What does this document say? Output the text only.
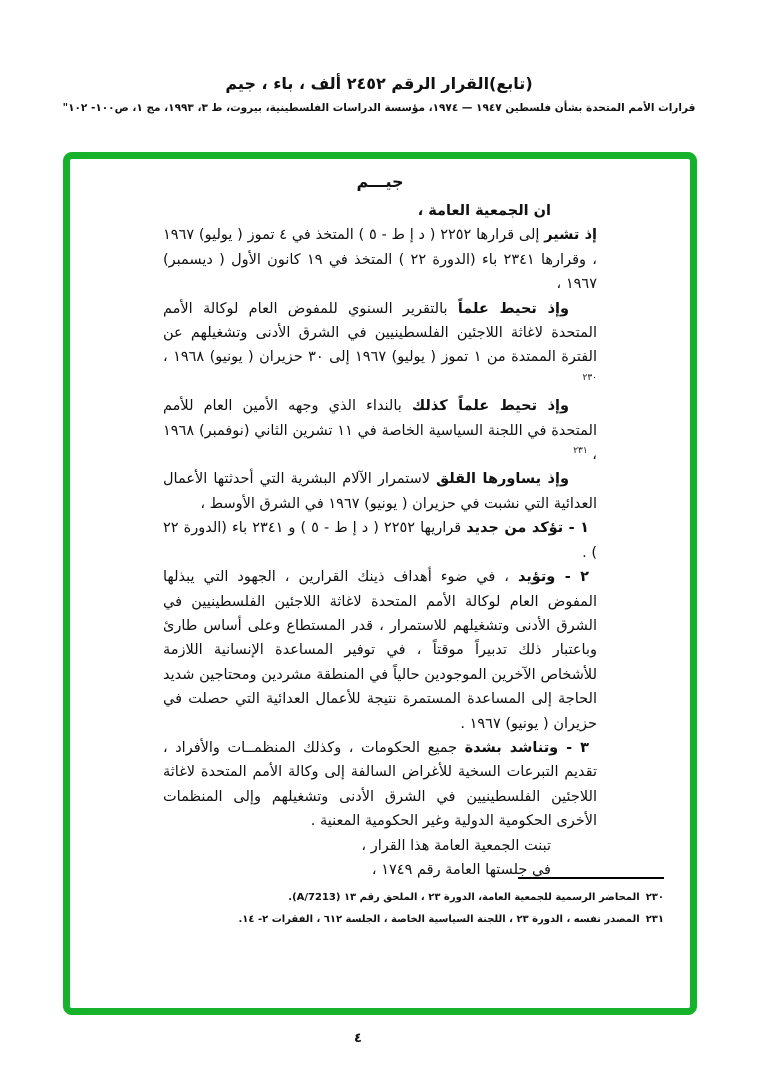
(تابع)القرار الرقم ٢٤٥٢ ألف ، باء ، جيم
قرارات الأمم المتحدة بشأن فلسطين ١٩٤٧ — ١٩٧٤، مؤسسة الدراسات الفلسطينية، بيروت، ط ٣، ١٩٩٣، مج ١، ص١٠٠- ١٠٢"
جيـــم

ان الجمعية العامة ،

إذ تشير إلى قرارها ٢٢٥٢ ( د إ ط - ٥ ) المتخذ في ٤ تموز ( يوليو) ١٩٦٧ ، وقرارها ٢٣٤١ باء (الدورة ٢٢ ) المتخذ في ١٩ كانون الأول ( ديسمبر) ١٩٦٧ ،

وإذ تحيط علماً بالتقرير السنوي للمفوض العام لوكالة الأمم المتحدة لاغاثة اللاجئين الفلسطينيين في الشرق الأدنى وتشغيلهم عن الفترة الممتدة من ١ تموز ( يوليو) ١٩٦٧ إلى ٣٠ حزيران ( يونيو) ١٩٦٨ ، $^{٢٣٠}$

وإذ تحيط علماً كذلك بالنداء الذي وجهه الأمين العام للأمم المتحدة في اللجنة السياسية الخاصة في ١١ تشرين الثاني (نوفمبر) ١٩٦٨ ، $^{٢٣١}$

وإذ يساورها القلق لاستمرار الآلام البشرية التي أحدثتها الأعمال العدائية التي نشبت في حزيران ( يونيو) ١٩٦٧ في الشرق الأوسط ،

١ - تؤكد من جديد قراريها ٢٢٥٢ ( د إ ط - ٥ ) و ٢٣٤١ باء (الدورة ٢٢ ) .

٢ - وتؤيد ، في ضوء أهداف ذينك القرارين ، الجهود التي يبذلها المفوض العام لوكالة الأمم المتحدة لاغاثة اللاجئين الفلسطينيين في الشرق الأدنى وتشغيلهم للاستمرار ، قدر المستطاع وعلى أساس طارئ وباعتبار ذلك تدبيراً موقتاً ، في توفير المساعدة الإنسانية اللازمة للأشخاص الآخرين الموجودين حالياً في المنطقة مشردين ومحتاجين شديد الحاجة إلى المساعدة المستمرة نتيجة للأعمال العدائية التي حصلت في حزيران ( يونيو) ١٩٦٧ .

٣ - وتناشد بشدة جميع الحكومات ، وكذلك المنظمــات والأفراد ، تقديم التبرعات السخية للأغراض السالفة إلى وكالة الأمم المتحدة لاغاثة اللاجئين الفلسطينيين في الشرق الأدنى وتشغيلهم وإلى المنظمات الأخرى الحكومية الدولية وغير الحكومية المعنية .

تبنت الجمعية العامة هذا القرار ،

في جلستها العامة رقم ١٧٤٩ ،

٢٣٠المحاضر الرسمية للجمعية العامة، الدورة ٢٣ ، الملحق رقم ١٣ (A/7213).
٢٣١المصدر نفسه ، الدورة ٢٣ ، اللجنة السياسية الخاصة ، الجلسة ٦١٢ ، الفقرات ٢- ١٤.
٤
